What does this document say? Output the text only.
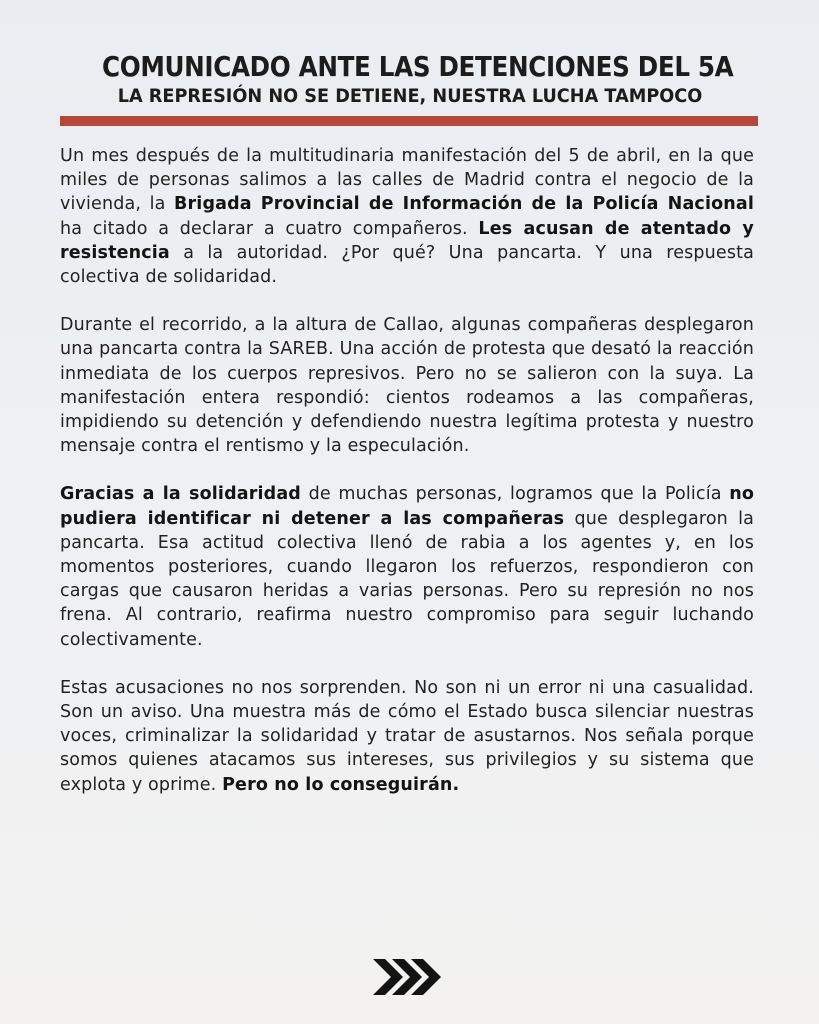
COMUNICADO ANTE LAS DETENCIONES DEL 5A
LA REPRESIÓN NO SE DETIENE, NUESTRA LUCHA TAMPOCO

Un mes después de la multitudinaria manifestación del 5 de abril, en la que miles de personas salimos a las calles de Madrid contra el negocio de la vivienda, la Brigada Provincial de Información de la Policía Nacional ha citado a declarar a cuatro compañeros. Les acusan de atentado y resistencia a la autoridad. ¿Por qué? Una pancarta. Y una respuesta colectiva de solidaridad.

Durante el recorrido, a la altura de Callao, algunas compañeras desplegaron una pancarta contra la SAREB. Una acción de protesta que desató la reacción inmediata de los cuerpos represivos. Pero no se salieron con la suya. La manifestación entera respondió: cientos rodeamos a las compañeras, impidiendo su detención y defendiendo nuestra legítima protesta y nuestro mensaje contra el rentismo y la especulación.

Gracias a la solidaridad de muchas personas, logramos que la Policía no pudiera identificar ni detener a las compañeras que desplegaron la pancarta. Esa actitud colectiva llenó de rabia a los agentes y, en los momentos posteriores, cuando llegaron los refuerzos, respondieron con cargas que causaron heridas a varias personas. Pero su represión no nos frena. Al contrario, reafirma nuestro compromiso para seguir luchando colectivamente.

Estas acusaciones no nos sorprenden. No son ni un error ni una casualidad. Son un aviso. Una muestra más de cómo el Estado busca silenciar nuestras voces, criminalizar la solidaridad y tratar de asustarnos. Nos señala porque somos quienes atacamos sus intereses, sus privilegios y su sistema que explota y oprime. Pero no lo conseguirán.
